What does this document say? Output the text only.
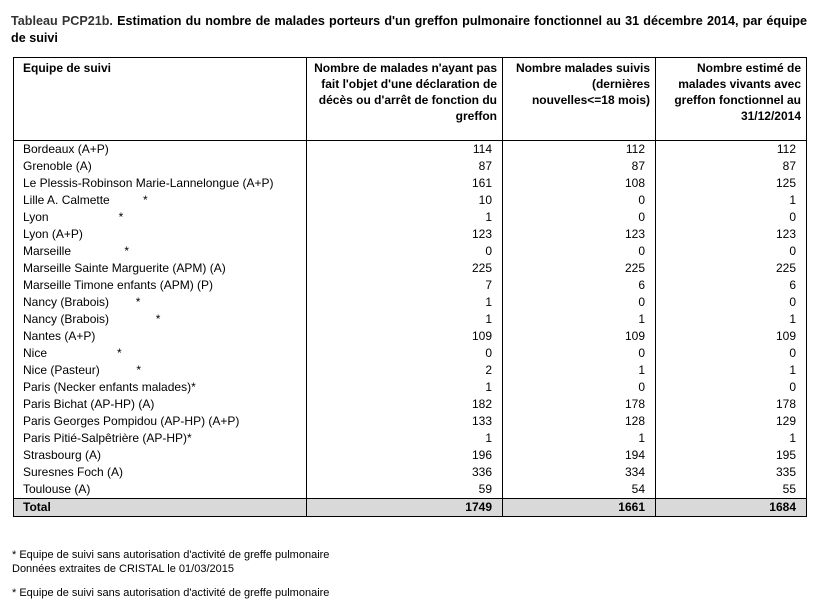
Tableau PCP21b. Estimation du nombre de malades porteurs d'un greffon pulmonaire fonctionnel au 31 décembre 2014, par équipe de suivi
Equipe de suivi	Nombre de malades n'ayant pas fait l'objet d'une déclaration de décès ou d'arrêt de fonction du greffon	Nombre malades suivis (dernières nouvelles<=18 mois)	Nombre estimé de malades vivants avec greffon fonctionnel au 31/12/2014
Bordeaux (A+P)	114	112	112
Grenoble (A)	87	87	87
Le Plessis-Robinson Marie-Lannelongue (A+P)	161	108	125
Lille A. Calmette          *	10	0	1
Lyon                     *	1	0	0
Lyon (A+P)	123	123	123
Marseille                *	0	0	0
Marseille Sainte Marguerite (APM) (A)	225	225	225
Marseille Timone enfants (APM) (P)	7	6	6
Nancy (Brabois)        *	1	0	0
Nancy (Brabois)              *	1	1	1
Nantes (A+P)	109	109	109
Nice                     *	0	0	0
Nice (Pasteur)           *	2	1	1
Paris (Necker enfants malades)*	1	0	0
Paris Bichat (AP-HP) (A)	182	178	178
Paris Georges Pompidou (AP-HP) (A+P)	133	128	129
Paris Pitié-Salpêtrière (AP-HP)*	1	1	1
Strasbourg (A)	196	194	195
Suresnes Foch (A)	336	334	335
Toulouse (A)	59	54	55
Total	1749	1661	1684
* Equipe de suivi sans autorisation d'activité de greffe pulmonaire
Données extraites de CRISTAL le 01/03/2015
* Equipe de suivi sans autorisation d'activité de greffe pulmonaire
